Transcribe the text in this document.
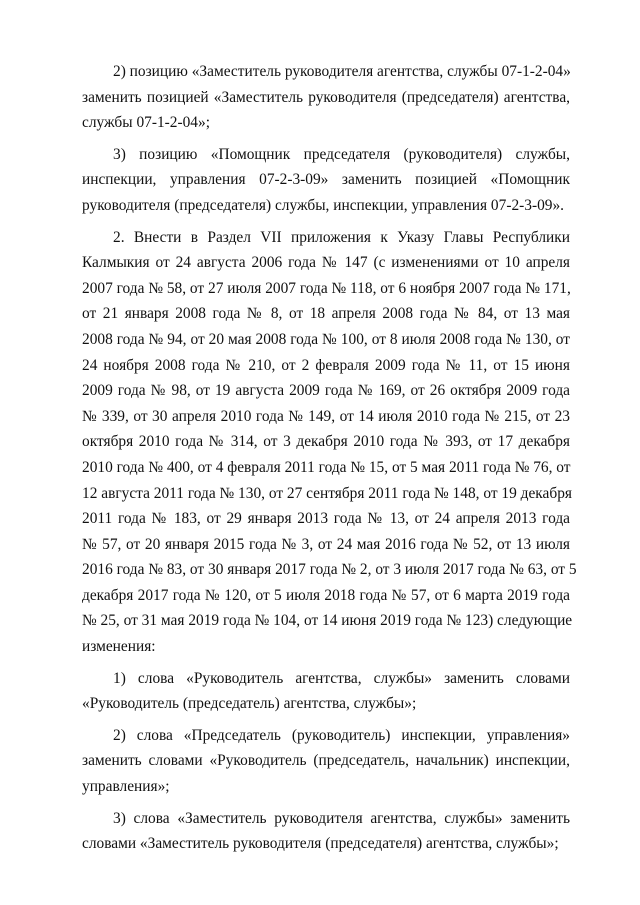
2) позицию «Заместитель руководителя агентства, службы 07-1-2-04»
заменить позицией «Заместитель руководителя (председателя) агентства,
службы 07-1-2-04»;
3) позицию «Помощник председателя (руководителя) службы,
инспекции, управления 07-2-3-09» заменить позицией «Помощник
руководителя (председателя) службы, инспекции, управления 07-2-3-09».
2. Внести в Раздел VII приложения к Указу Главы Республики
Калмыкия от 24 августа 2006 года № 147 (с изменениями от 10 апреля
2007 года № 58, от 27 июля 2007 года № 118, от 6 ноября 2007 года № 171,
от 21 января 2008 года № 8, от 18 апреля 2008 года № 84, от 13 мая
2008 года № 94, от 20 мая 2008 года № 100, от 8 июля 2008 года № 130, от
24 ноября 2008 года № 210, от 2 февраля 2009 года № 11, от 15 июня
2009 года № 98, от 19 августа 2009 года № 169, от 26 октября 2009 года
№ 339, от 30 апреля 2010 года № 149, от 14 июля 2010 года № 215, от 23
октября 2010 года № 314, от 3 декабря 2010 года № 393, от 17 декабря
2010 года № 400, от 4 февраля 2011 года № 15, от 5 мая 2011 года № 76, от
12 августа 2011 года № 130, от 27 сентября 2011 года № 148, от 19 декабря
2011 года № 183, от 29 января 2013 года № 13, от 24 апреля 2013 года
№ 57, от 20 января 2015 года № 3, от 24 мая 2016 года № 52, от 13 июля
2016 года № 83, от 30 января 2017 года № 2, от 3 июля 2017 года № 63, от 5
декабря 2017 года № 120, от 5 июля 2018 года № 57, от 6 марта 2019 года
№ 25, от 31 мая 2019 года № 104, от 14 июня 2019 года № 123) следующие
изменения:
1) слова «Руководитель агентства, службы» заменить словами
«Руководитель (председатель) агентства, службы»;
2) слова «Председатель (руководитель) инспекции, управления»
заменить словами «Руководитель (председатель, начальник) инспекции,
управления»;
3) слова «Заместитель руководителя агентства, службы» заменить
словами «Заместитель руководителя (председателя) агентства, службы»;
